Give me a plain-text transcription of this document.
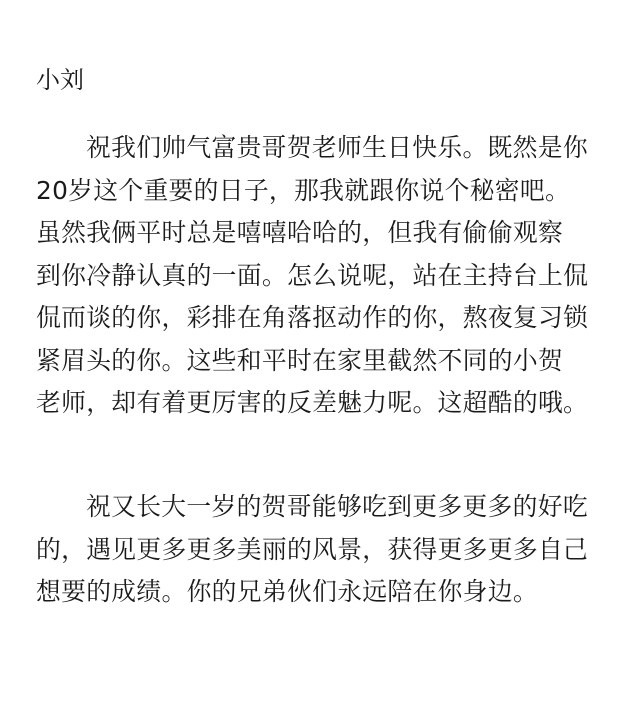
小刘

祝我们帅气富贵哥贺老师生日快乐。既然是你
20岁这个重要的日子，那我就跟你说个秘密吧。
虽然我俩平时总是嘻嘻哈哈的，但我有偷偷观察
到你冷静认真的一面。怎么说呢，站在主持台上侃
侃而谈的你，彩排在角落抠动作的你，熬夜复习锁
紧眉头的你。这些和平时在家里截然不同的小贺
老师，却有着更厉害的反差魅力呢。这超酷的哦。
祝又长大一岁的贺哥能够吃到更多更多的好吃
的，遇见更多更多美丽的风景，获得更多更多自己
想要的成绩。你的兄弟伙们永远陪在你身边。
